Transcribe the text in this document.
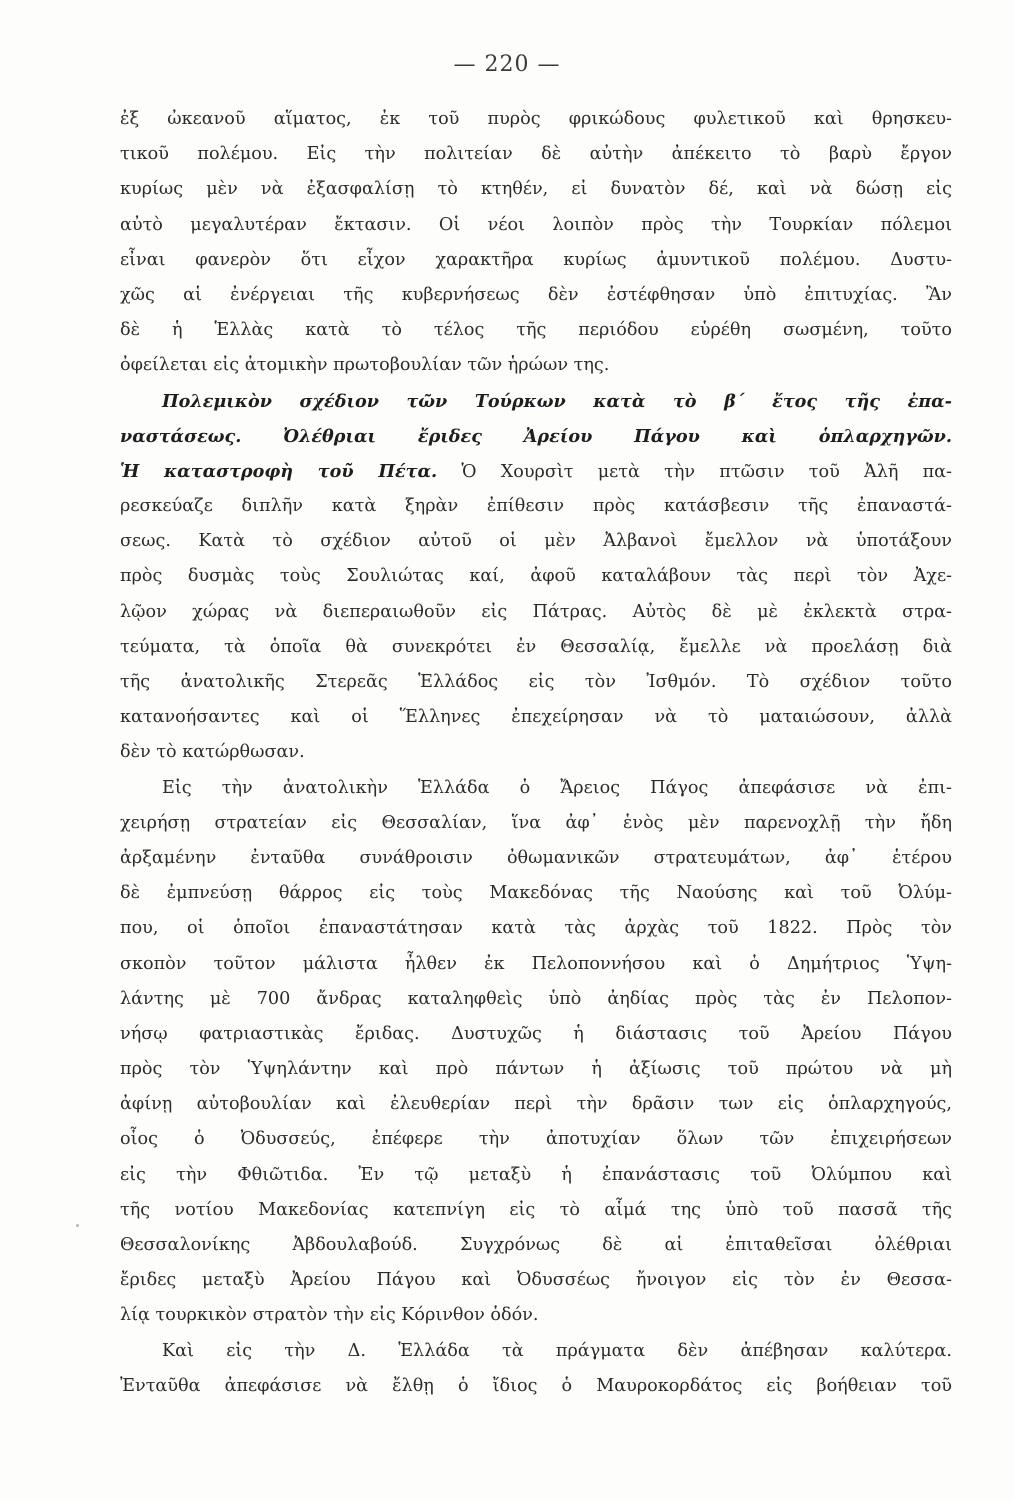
— 220 —
ἐξ ὠκεανοῦ αἵματος, ἐκ τοῦ πυρὸς φρικώδους φυλετικοῦ καὶ θρησκευ-
τικοῦ πολέμου. Εἰς τὴν πολιτείαν δὲ αὐτὴν ἀπέκειτο τὸ βαρὺ ἔργον
κυρίως μὲν νὰ ἐξασφαλίσῃ τὸ κτηθέν, εἰ δυνατὸν δέ, καὶ νὰ δώσῃ εἰς
αὐτὸ μεγαλυτέραν ἔκτασιν. Οἱ νέοι λοιπὸν πρὸς τὴν Τουρκίαν πόλεμοι
εἶναι φανερὸν ὅτι εἶχον χαρακτῆρα κυρίως ἀμυντικοῦ πολέμου. Δυστυ-
χῶς αἱ ἐνέργειαι τῆς κυβερνήσεως δὲν ἐστέφθησαν ὑπὸ ἐπιτυχίας. Ἂν
δὲ ἡ Ἑλλὰς κατὰ τὸ τέλος τῆς περιόδου εὑρέθη σωσμένη, τοῦτο
ὀφείλεται εἰς ἀτομικὴν πρωτοβουλίαν τῶν ἡρώων της.
Πολεμικὸν σχέδιον τῶν Τούρκων κατὰ τὸ β΄ ἔτος τῆς ἐπα-
ναστάσεως. Ὀλέθριαι ἔριδες Ἀρείου Πάγου καὶ ὁπλαρχηγῶν.
Ἡ καταστροφὴ τοῦ Πέτα. Ὁ Χουρσὶτ μετὰ τὴν πτῶσιν τοῦ Ἀλῆ πα-
ρεσκεύαζε διπλῆν κατὰ ξηρὰν ἐπίθεσιν πρὸς κατάσβεσιν τῆς ἐπαναστά-
σεως. Κατὰ τὸ σχέδιον αὐτοῦ οἱ μὲν Ἀλβανοὶ ἔμελλον νὰ ὑποτάξουν
πρὸς δυσμὰς τοὺς Σουλιώτας καί, ἀφοῦ καταλάβουν τὰς περὶ τὸν Ἀχε-
λῷον χώρας νὰ διεπεραιωθοῦν εἰς Πάτρας. Αὐτὸς δὲ μὲ ἐκλεκτὰ στρα-
τεύματα, τὰ ὁποῖα θὰ συνεκρότει ἐν Θεσσαλίᾳ, ἔμελλε νὰ προελάσῃ διὰ
τῆς ἀνατολικῆς Στερεᾶς Ἑλλάδος εἰς τὸν Ἰσθμόν. Τὸ σχέδιον τοῦτο
κατανοήσαντες καὶ οἱ Ἕλληνες ἐπεχείρησαν νὰ τὸ ματαιώσουν, ἀλλὰ
δὲν τὸ κατώρθωσαν.
Εἰς τὴν ἀνατολικὴν Ἑλλάδα ὁ Ἄρειος Πάγος ἀπεφάσισε νὰ ἐπι-
χειρήσῃ στρατείαν εἰς Θεσσαλίαν, ἵνα ἀφ᾽ ἑνὸς μὲν παρενοχλῇ τὴν ἤδη
ἀρξαμένην ἐνταῦθα συνάθροισιν ὀθωμανικῶν στρατευμάτων, ἀφ᾽ ἑτέρου
δὲ ἐμπνεύσῃ θάρρος εἰς τοὺς Μακεδόνας τῆς Ναούσης καὶ τοῦ Ὀλύμ-
που, οἱ ὁποῖοι ἐπαναστάτησαν κατὰ τὰς ἀρχὰς τοῦ 1822. Πρὸς τὸν
σκοπὸν τοῦτον μάλιστα ἦλθεν ἐκ Πελοποννήσου καὶ ὁ Δημήτριος Ὑψη-
λάντης μὲ 700 ἄνδρας καταληφθεὶς ὑπὸ ἀηδίας πρὸς τὰς ἐν Πελοπον-
νήσῳ φατριαστικὰς ἔριδας. Δυστυχῶς ἡ διάστασις τοῦ Ἀρείου Πάγου
πρὸς τὸν Ὑψηλάντην καὶ πρὸ πάντων ἡ ἀξίωσις τοῦ πρώτου νὰ μὴ
ἀφίνῃ αὐτοβουλίαν καὶ ἐλευθερίαν περὶ τὴν δρᾶσιν των εἰς ὁπλαρχηγούς,
οἷος ὁ Ὀδυσσεύς, ἐπέφερε τὴν ἀποτυχίαν ὅλων τῶν ἐπιχειρήσεων
εἰς τὴν Φθιῶτιδα. Ἐν τῷ μεταξὺ ἡ ἐπανάστασις τοῦ Ὀλύμπου καὶ
τῆς νοτίου Μακεδονίας κατεπνίγη εἰς τὸ αἷμά της ὑπὸ τοῦ πασσᾶ τῆς
Θεσσαλονίκης Ἀβδουλαβούδ. Συγχρόνως δὲ αἱ ἐπιταθεῖσαι ὀλέθριαι
ἔριδες μεταξὺ Ἀρείου Πάγου καὶ Ὀδυσσέως ἤνοιγον εἰς τὸν ἐν Θεσσα-
λίᾳ τουρκικὸν στρατὸν τὴν εἰς Κόρινθον ὁδόν.
Καὶ εἰς τὴν Δ. Ἑλλάδα τὰ πράγματα δὲν ἀπέβησαν καλύτερα.
Ἐνταῦθα ἀπεφάσισε νὰ ἔλθῃ ὁ ἴδιος ὁ Μαυροκορδάτος εἰς βοήθειαν τοῦ
